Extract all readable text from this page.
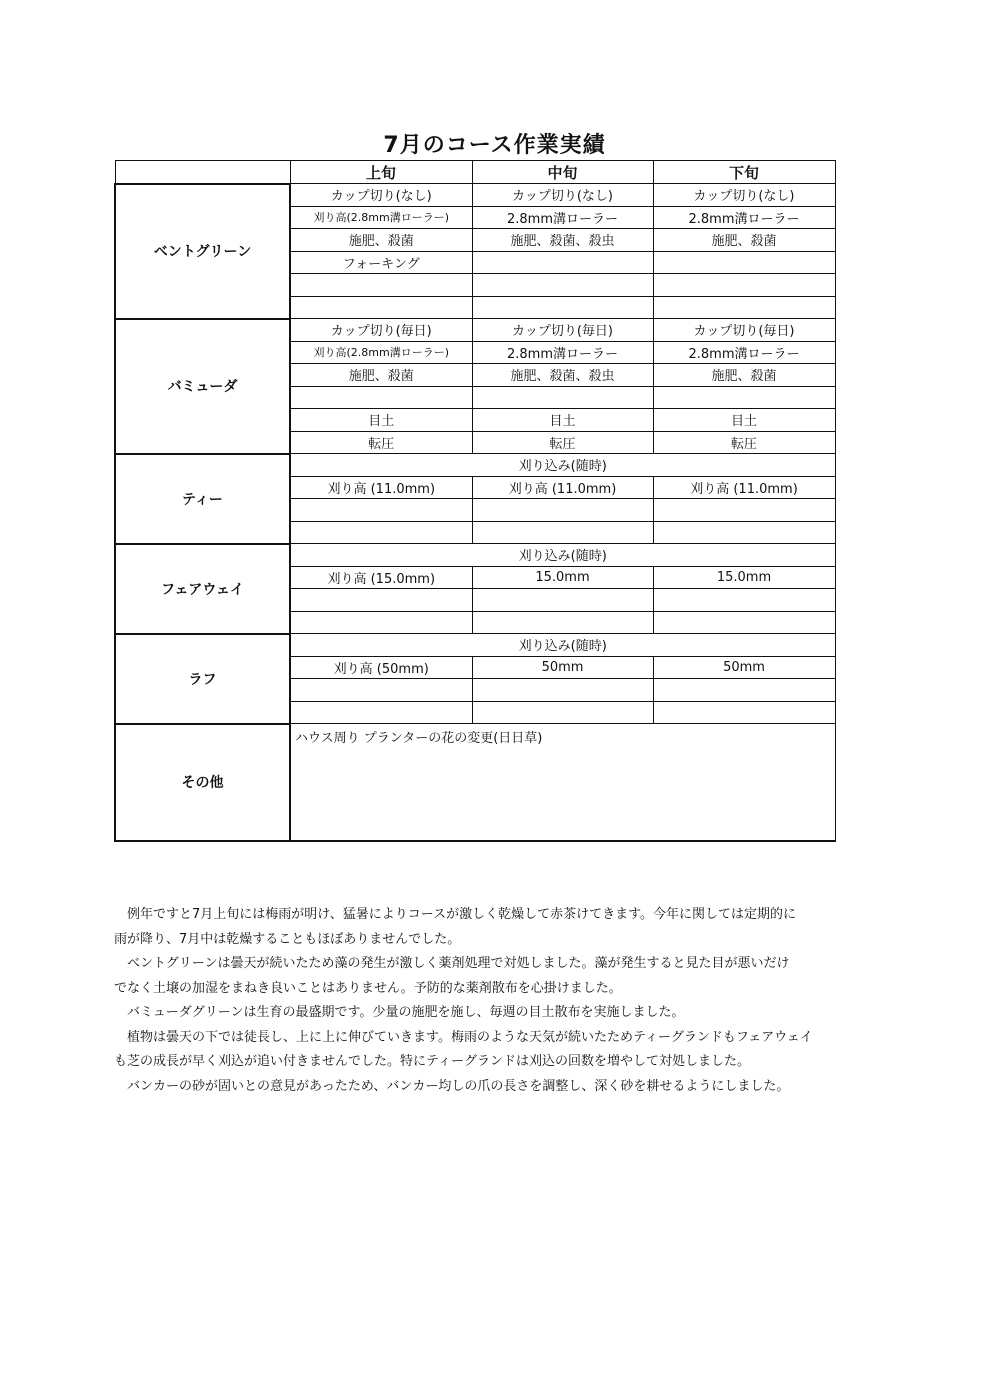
7月のコース作業実績
	上旬	中旬	下旬
ベントグリーン	カップ切り(なし)	カップ切り(なし)	カップ切り(なし)
	刈り高(2.8mm溝ローラー)	2.8mm溝ローラー	2.8mm溝ローラー
	施肥、殺菌	施肥、殺菌、殺虫	施肥、殺菌
	フォーキング		

バミューダ	カップ切り(毎日)	カップ切り(毎日)	カップ切り(毎日)
	刈り高(2.8mm溝ローラー)	2.8mm溝ローラー	2.8mm溝ローラー
	施肥、殺菌	施肥、殺菌、殺虫	施肥、殺菌

	目土	目土	目土
	転圧	転圧	転圧
ティー	刈り込み(随時)		
	刈り高 (11.0mm)	刈り高 (11.0mm)	刈り高 (11.0mm)

フェアウェイ	刈り込み(随時)		
	刈り高 (15.0mm)	15.0mm	15.0mm

ラフ	刈り込み(随時)		
	刈り高 (50mm)	50mm	50mm

その他	ハウス周り プランターの花の変更(日日草)		

例年ですと7月上旬には梅雨が明け、猛暑によりコースが激しく乾燥して赤茶けてきます。今年に関しては定期的に

雨が降り、7月中は乾燥することもほぼありませんでした。

ベントグリーンは曇天が続いたため藻の発生が激しく薬剤処理で対処しました。藻が発生すると見た目が悪いだけ

でなく土壌の加湿をまねき良いことはありません。予防的な薬剤散布を心掛けました。

バミューダグリーンは生育の最盛期です。少量の施肥を施し、毎週の目土散布を実施しました。

植物は曇天の下では徒長し、上に上に伸びていきます。梅雨のような天気が続いたためティーグランドもフェアウェイ

も芝の成長が早く刈込が追い付きませんでした。特にティーグランドは刈込の回数を増やして対処しました。

バンカーの砂が固いとの意見があったため、バンカー均しの爪の長さを調整し、深く砂を耕せるようにしました。
